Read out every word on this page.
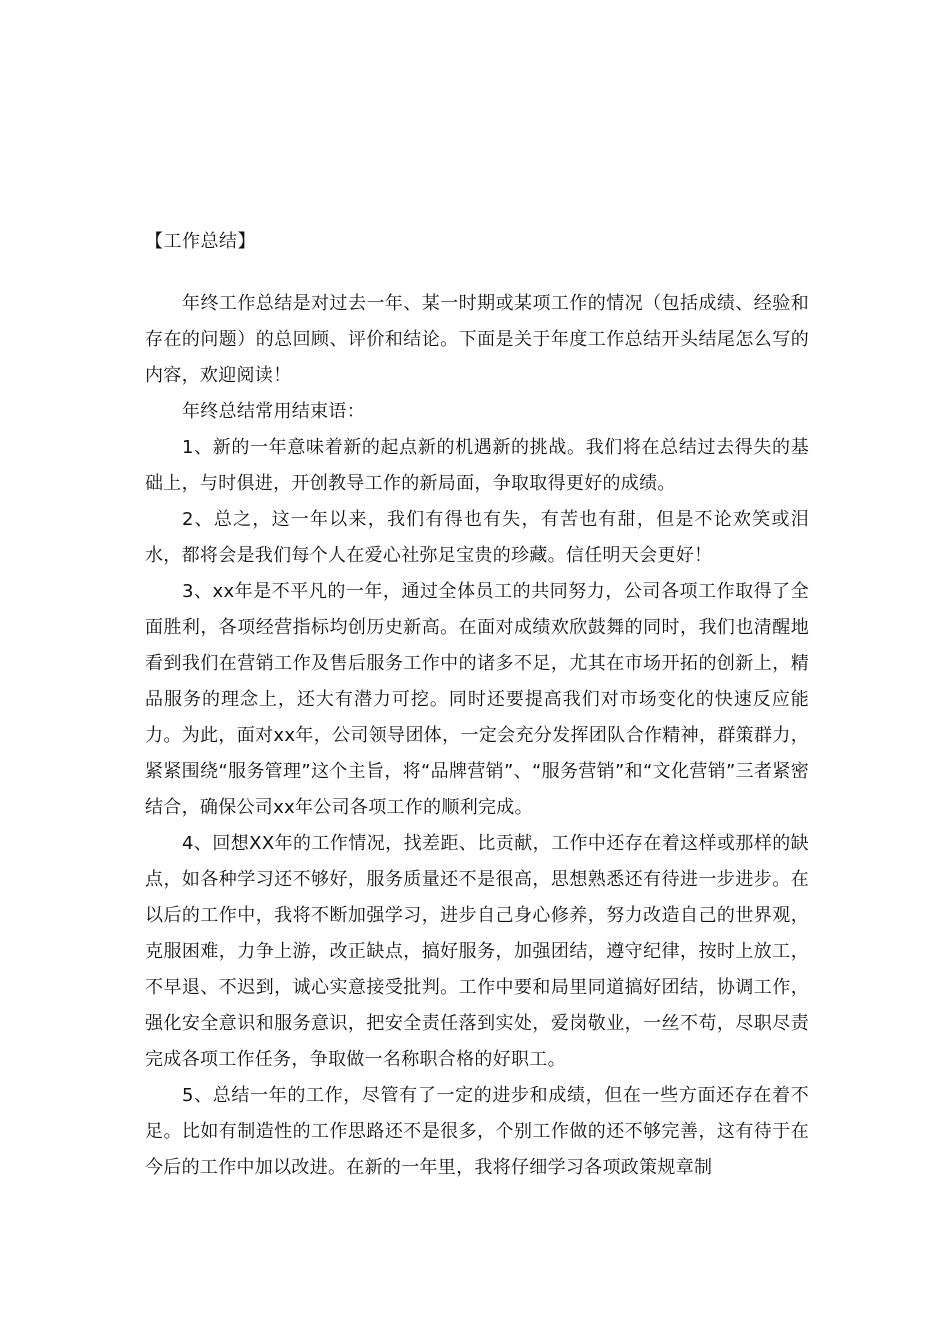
【工作总结】

年终工作总结是对过去一年、某一时期或某项工作的情况（包括成绩、经验和存在的问题）的总回顾、评价和结论。下面是关于年度工作总结开头结尾怎么写的内容，欢迎阅读！

年终总结常用结束语：

1、新的一年意味着新的起点新的机遇新的挑战。我们将在总结过去得失的基础上，与时俱进，开创教导工作的新局面，争取取得更好的成绩。

2、总之，这一年以来，我们有得也有失，有苦也有甜，但是不论欢笑或泪水，都将会是我们每个人在爱心社弥足宝贵的珍藏。信任明天会更好！

3、xx年是不平凡的一年，通过全体员工的共同努力，公司各项工作取得了全面胜利，各项经营指标均创历史新高。在面对成绩欢欣鼓舞的同时，我们也清醒地看到我们在营销工作及售后服务工作中的诸多不足，尤其在市场开拓的创新上，精品服务的理念上，还大有潜力可挖。同时还要提高我们对市场变化的快速反应能力。为此，面对xx年，公司领导团体，一定会充分发挥团队合作精神，群策群力，紧紧围绕“服务管理”这个主旨，将“品牌营销”、“服务营销”和“文化营销”三者紧密结合，确保公司xx年公司各项工作的顺利完成。

4、回想XX年的工作情况，找差距、比贡献，工作中还存在着这样或那样的缺点，如各种学习还不够好，服务质量还不是很高，思想熟悉还有待进一步进步。在以后的工作中，我将不断加强学习，进步自己身心修养，努力改造自己的世界观，克服困难，力争上游，改正缺点，搞好服务，加强团结，遵守纪律，按时上放工，不早退、不迟到，诚心实意接受批判。工作中要和局里同道搞好团结，协调工作，强化安全意识和服务意识，把安全责任落到实处，爱岗敬业，一丝不苟，尽职尽责完成各项工作任务，争取做一名称职合格的好职工。

5、总结一年的工作，尽管有了一定的进步和成绩，但在一些方面还存在着不足。比如有制造性的工作思路还不是很多，个别工作做的还不够完善，这有待于在今后的工作中加以改进。在新的一年里，我将仔细学习各项政策规章制
